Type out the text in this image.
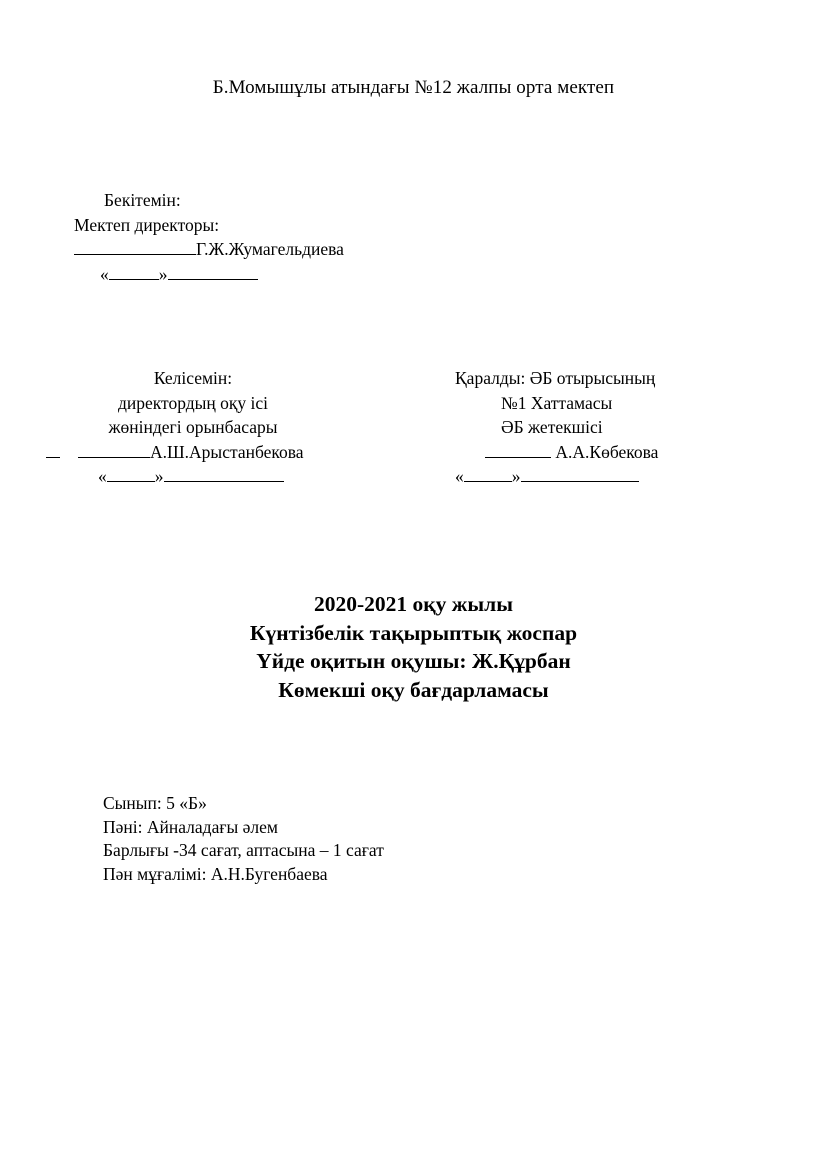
Б.Момышұлы атындағы №12 жалпы орта мектеп
Бекітемін:
Мектеп директоры:
Г.Ж.Жумагельдиева
«	»
Келісемін:
директордың оқу ісі
жөніндегі орынбасары
А.Ш.Арыстанбекова
«	»
Қаралды: ӘБ отырысының
№1 Хаттамасы
ӘБ жетекшісі
А.А.Көбекова
«	»
2020-2021 оқу жылы
Күнтізбелік тақырыптық жоспар
Үйде оқитын оқушы: Ж.Құрбан
Көмекші оқу бағдарламасы
Сынып: 5 «Б»
Пәні: Айналадағы әлем
Барлығы -34 сағат, аптасына – 1 сағат
Пән мұғалімі: А.Н.Бугенбаева
